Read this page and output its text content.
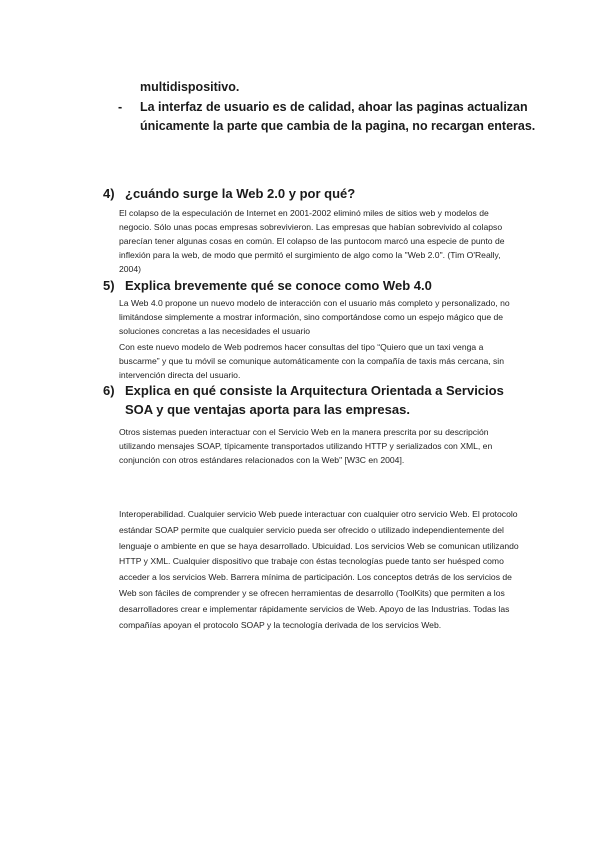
multidispositivo.
- La interfaz de usuario es de calidad, ahoar las paginas actualizan únicamente la parte que cambia de la pagina, no recargan enteras.
4) ¿cuándo surge la Web 2.0 y por qué?
El colapso de la especulación de Internet en 2001-2002 eliminó miles de sitios web y modelos de negocio. Sólo unas pocas empresas sobrevivieron. Las empresas que habían sobrevivido al colapso parecían tener algunas cosas en común. El colapso de las puntocom marcó una especie de punto de inflexión para la web, de modo que permitó el surgimiento de algo como la "Web 2.0". (Tim O'Really, 2004)
5) Explica brevemente qué se conoce como Web 4.0
La Web 4.0 propone un nuevo modelo de interacción con el usuario más completo y personalizado, no limitándose simplemente a mostrar información, sino comportándose como un espejo mágico que de soluciones concretas a las necesidades el usuario
Con este nuevo modelo de Web podremos hacer consultas del tipo “Quiero que un taxi venga a buscarme” y que tu móvil se comunique automáticamente con la compañía de taxis más cercana, sin intervención directa del usuario.
6) Explica en qué consiste la Arquitectura Orientada a Servicios SOA y que ventajas aporta para las empresas.
Otros sistemas pueden interactuar con el Servicio Web en la manera prescrita por su descripción utilizando mensajes SOAP, típicamente transportados utilizando HTTP y serializados con XML, en conjunción con otros estándares relacionados con la Web" [W3C en 2004].
Interoperabilidad. Cualquier servicio Web puede interactuar con cualquier otro servicio Web. El protocolo estándar SOAP permite que cualquier servicio pueda ser ofrecido o utilizado independientemente del lenguaje o ambiente en que se haya desarrollado. Ubicuidad. Los servicios Web se comunican utilizando HTTP y XML. Cualquier dispositivo que trabaje con éstas tecnologías puede tanto ser huésped como acceder a los servicios Web. Barrera mínima de participación. Los conceptos detrás de los servicios de Web son fáciles de comprender y se ofrecen herramientas de desarrollo (ToolKits) que permiten a los desarrolladores crear e implementar rápidamente servicios de Web. Apoyo de las Industrias. Todas las compañías apoyan el protocolo SOAP y la tecnología derivada de los servicios Web.
